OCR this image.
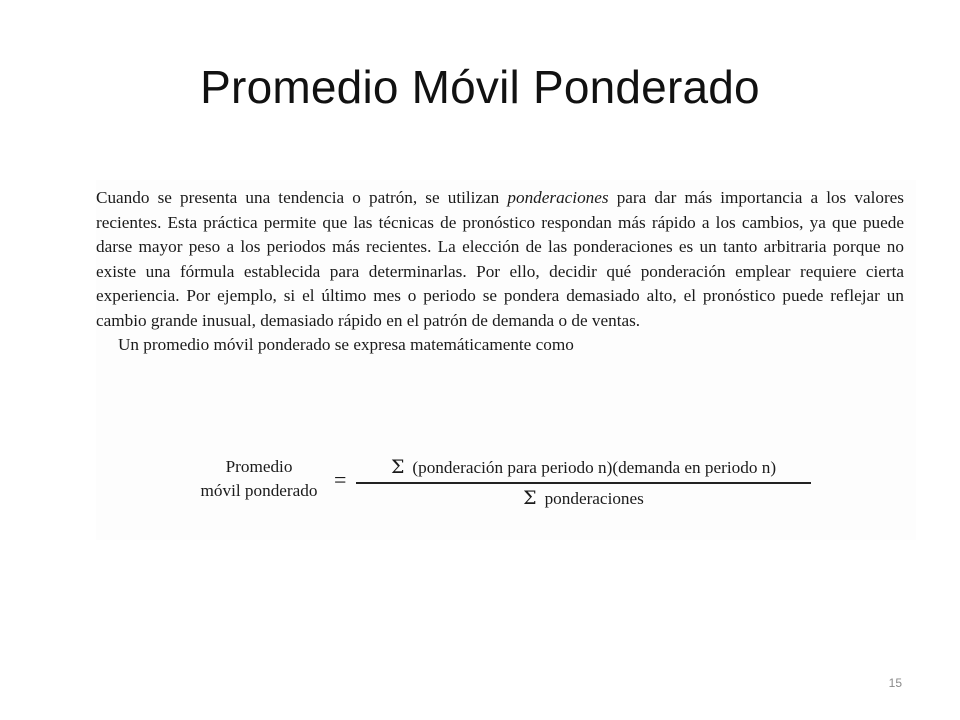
Promedio Móvil Ponderado

Cuando se presenta una tendencia o patrón, se utilizan ponderaciones para dar más importancia a los valores recientes. Esta práctica permite que las técnicas de pronóstico respondan más rápido a los cambios, ya que puede darse mayor peso a los periodos más recientes. La elección de las ponderaciones es un tanto arbitraria porque no existe una fórmula establecida para determinarlas. Por ello, decidir qué ponderación emplear requiere cierta experiencia. Por ejemplo, si el último mes o periodo se pondera demasiado alto, el pronóstico puede reflejar un cambio grande inusual, demasiado rápido en el patrón de demanda o de ventas.

Un promedio móvil ponderado se expresa matemáticamente como

Promedio
móvil ponderado =	Σ (ponderación para periodo n)(demanda en periodo n)
Σ ponderaciones
15
